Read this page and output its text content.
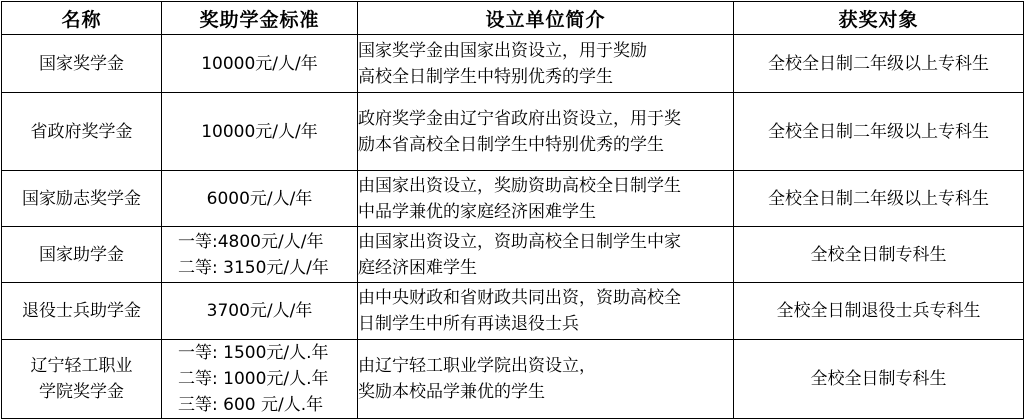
名称	奖助学金标准	设立单位简介	获奖对象

国家奖学金	10000元/人/年	国家奖学金由国家出资设立，用于奖励
高校全日制学生中特别优秀的学生	全校全日制二年级以上专科生

省政府奖学金	10000元/人/年	政府奖学金由辽宁省政府出资设立，用于奖
励本省高校全日制学生中特别优秀的学生	全校全日制二年级以上专科生

国家励志奖学金	6000元/人/年	由国家出资设立，奖励资助高校全日制学生
中品学兼优的家庭经济困难学生	全校全日制二年级以上专科生

国家助学金	一等:4800元/人/年
二等: 3150元/人/年	由国家出资设立，资助高校全日制学生中家
庭经济困难学生	全校全日制专科生

退役士兵助学金	3700元/人/年	由中央财政和省财政共同出资，资助高校全
日制学生中所有再读退役士兵	全校全日制退役士兵专科生

辽宁轻工职业
学院奖学金	一等: 1500元/人.年
二等: 1000元/人.年
三等: 600 元/人.年	由辽宁轻工职业学院出资设立，
奖励本校品学兼优的学生	全校全日制专科生
